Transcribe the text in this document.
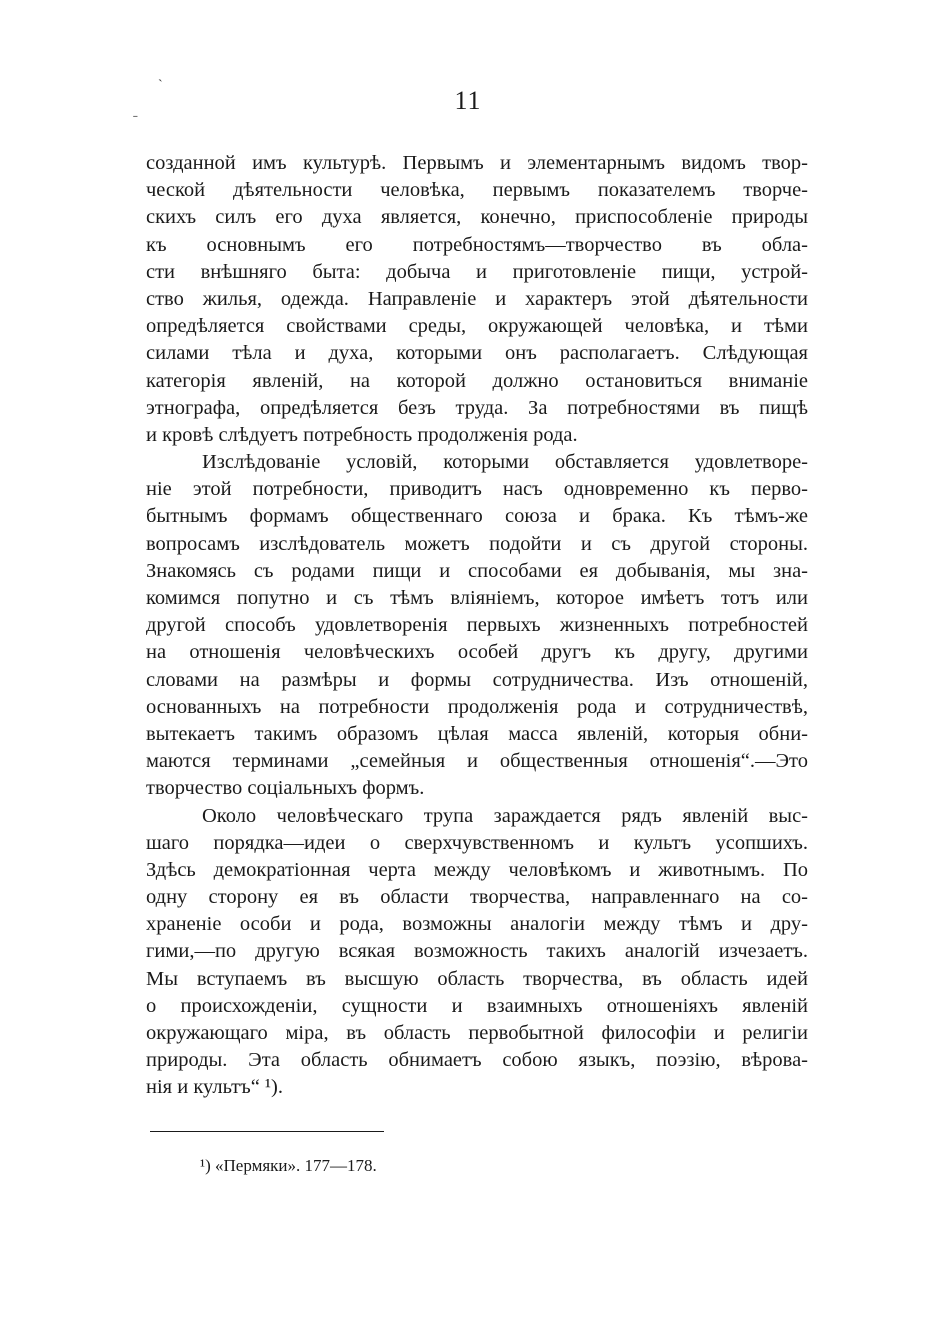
11
ˋ
ˍ
созданной имъ культурѣ. Первымъ и элементарнымъ видомъ твор-
ческой дѣятельности человѣка, первымъ показателемъ творче-
скихъ силъ его духа является, конечно, приспособленіе природы
къ основнымъ его потребностямъ—творчество въ обла-
сти внѣшняго быта: добыча и приготовленіе пищи, устрой-
ство жилья, одежда. Направленіе и характеръ этой дѣятельности
опредѣляется свойствами среды, окружающей человѣка, и тѣми
силами тѣла и духа, которыми онъ располагаетъ. Слѣдующая
категорія явленій, на которой должно остановиться вниманіе
этнографа, опредѣляется безъ труда. За потребностями въ пищѣ
и кровѣ слѣдуетъ потребность продолженія рода.
Изслѣдованіе условій, которыми обставляется удовлетворе-
ніе этой потребности, приводитъ насъ одновременно къ перво-
бытнымъ формамъ общественнаго союза и брака. Къ тѣмъ-же
вопросамъ изслѣдователь можетъ подойти и съ другой стороны.
Знакомясь съ родами пищи и способами ея добыванія, мы зна-
комимся попутно и съ тѣмъ вліяніемъ, которое имѣетъ тотъ или
другой способъ удовлетворенія первыхъ жизненныхъ потребностей
на отношенія человѣческихъ особей другъ къ другу, другими
словами на размѣры и формы сотрудничества. Изъ отношеній,
основанныхъ на потребности продолженія рода и сотрудничествѣ,
вытекаетъ такимъ образомъ цѣлая масса явленій, которыя обни-
маются терминами „семейныя и общественныя отношенія“.—Это
творчество соціальныхъ формъ.
Около человѣческаго трупа зараждается рядъ явленій выс-
шаго порядка—идеи о сверхчувственномъ и культъ усопшихъ.
Здѣсь демократіонная черта между человѣкомъ и животнымъ. По
одну сторону ея въ области творчества, направленнаго на со-
храненіе особи и рода, возможны аналогіи между тѣмъ и дру-
гими,—по другую всякая возможность такихъ аналогій изчезаетъ.
Мы вступаемъ въ высшую область творчества, въ область идей
о происхожденіи, сущности и взаимныхъ отношеніяхъ явленій
окружающаго міра, въ область первобытной философіи и религіи
природы. Эта область обнимаетъ собою языкъ, поэзію, вѣрова-
нія и культъ“ ¹).
¹) «Пермяки». 177—178.
